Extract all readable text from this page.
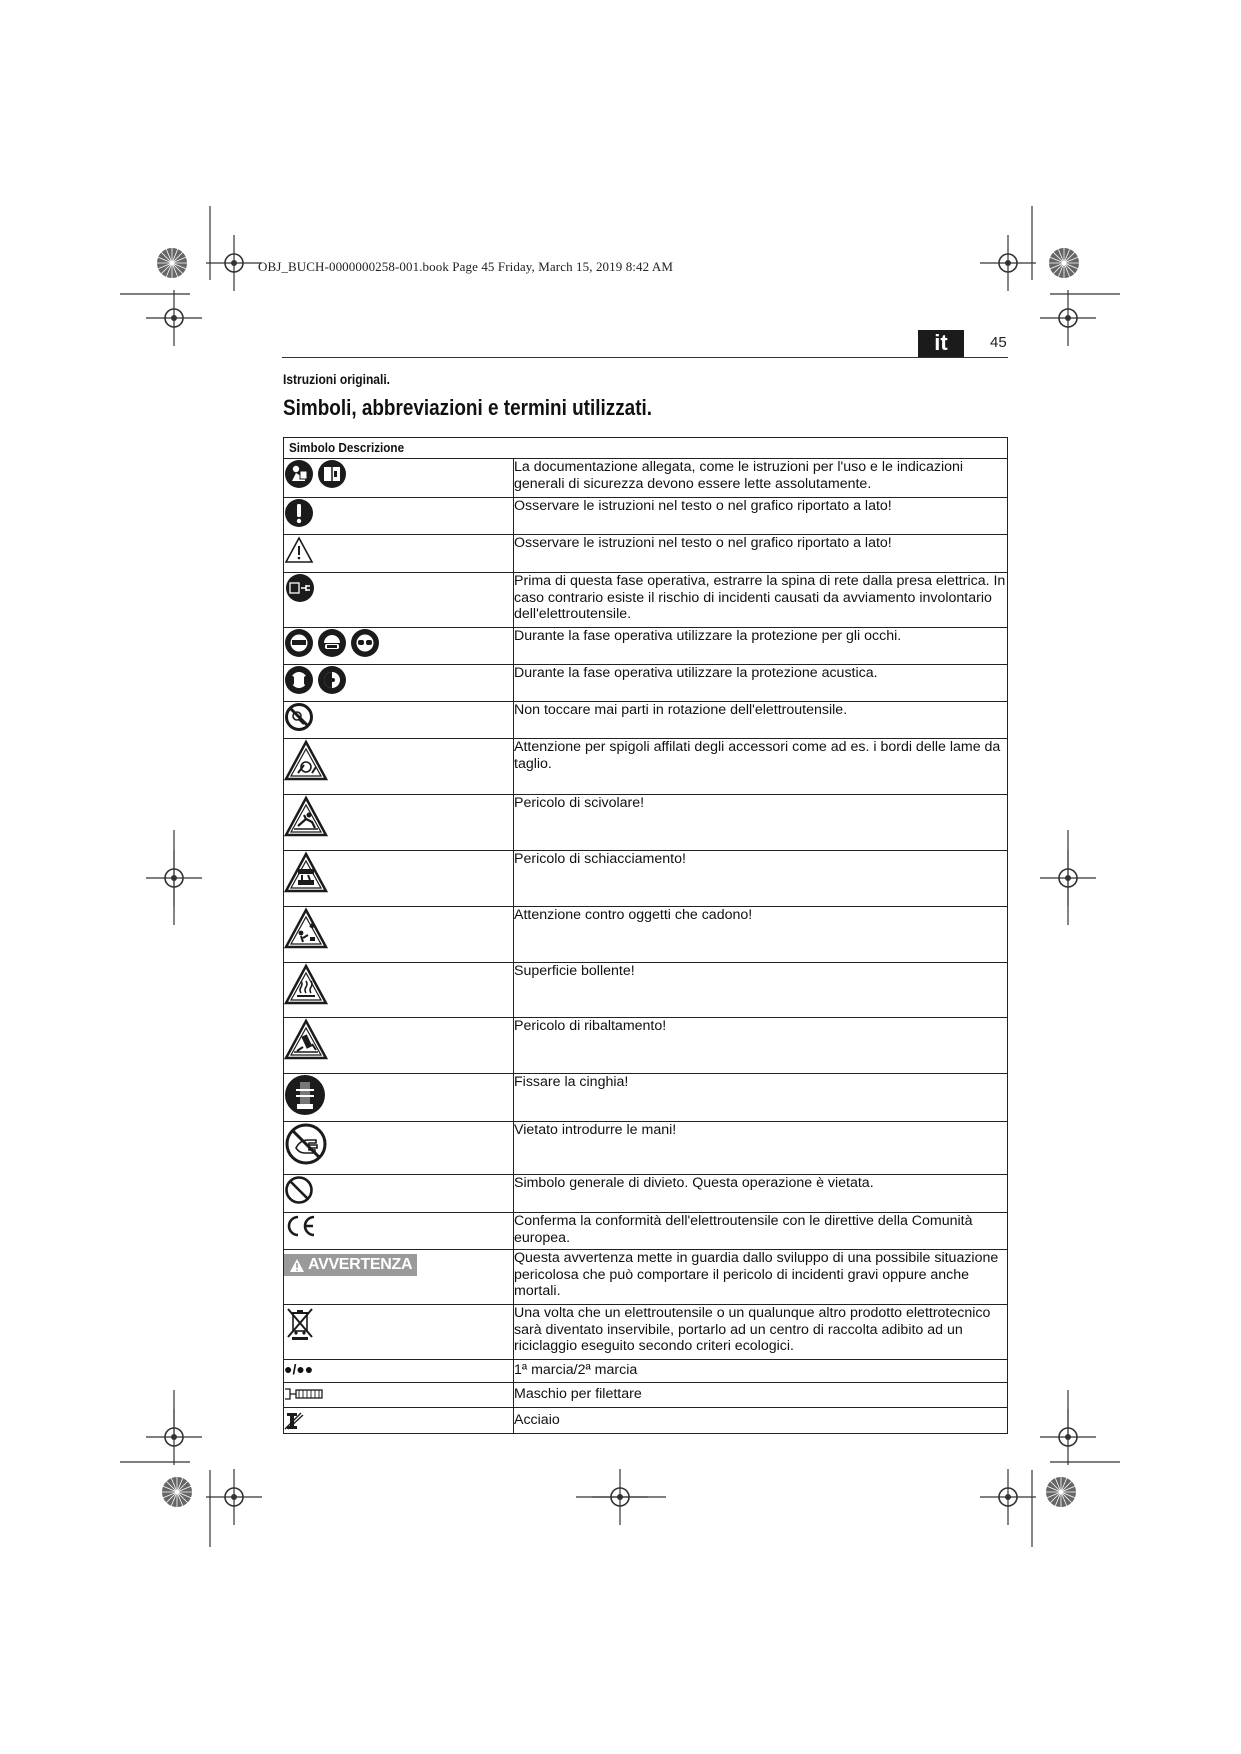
OBJ_BUCH-0000000258-001.book Page 45 Friday, March 15, 2019 8:42 AM
it	45
Istruzioni originali.
Simboli, abbreviazioni e termini utilizzati.
Simbolo Descrizione	

	La documentazione allegata, come le istruzioni per l'uso e le indicazioni generali di sicurezza devono essere lette assolutamente.

	Osservare le istruzioni nel testo o nel grafico riportato a lato!

	Osservare le istruzioni nel testo o nel grafico riportato a lato!

	Prima di questa fase operativa, estrarre la spina di rete dalla presa elettrica. In caso contrario esiste il rischio di incidenti causati da avviamento involontario dell'elettroutensile.

	Durante la fase operativa utilizzare la protezione per gli occhi.

	Durante la fase operativa utilizzare la protezione acustica.

	Non toccare mai parti in rotazione dell'elettroutensile.

	Attenzione per spigoli affilati degli accessori come ad es. i bordi delle lame da taglio.

	Pericolo di scivolare!

	Pericolo di schiacciamento!

	Attenzione contro oggetti che cadono!

	Superficie bollente!

	Pericolo di ribaltamento!

	Fissare la cinghia!

	Vietato introdurre le mani!

	Simbolo generale di divieto. Questa operazione è vietata.

	Conferma la conformità dell'elettroutensile con le direttive della Comunità europea.

AVVERTENZA	Questa avvertenza mette in guardia dallo sviluppo di una possibile situazione pericolosa che può comportare il pericolo di incidenti gravi oppure anche mortali.

	Una volta che un elettroutensile o un qualunque altro prodotto elettrotecnico sarà diventato inservibile, portarlo ad un centro di raccolta adibito ad un riciclaggio eseguito secondo criteri ecologici.
●/●●	1ª marcia/2ª marcia

	Maschio per filettare

	Acciaio
